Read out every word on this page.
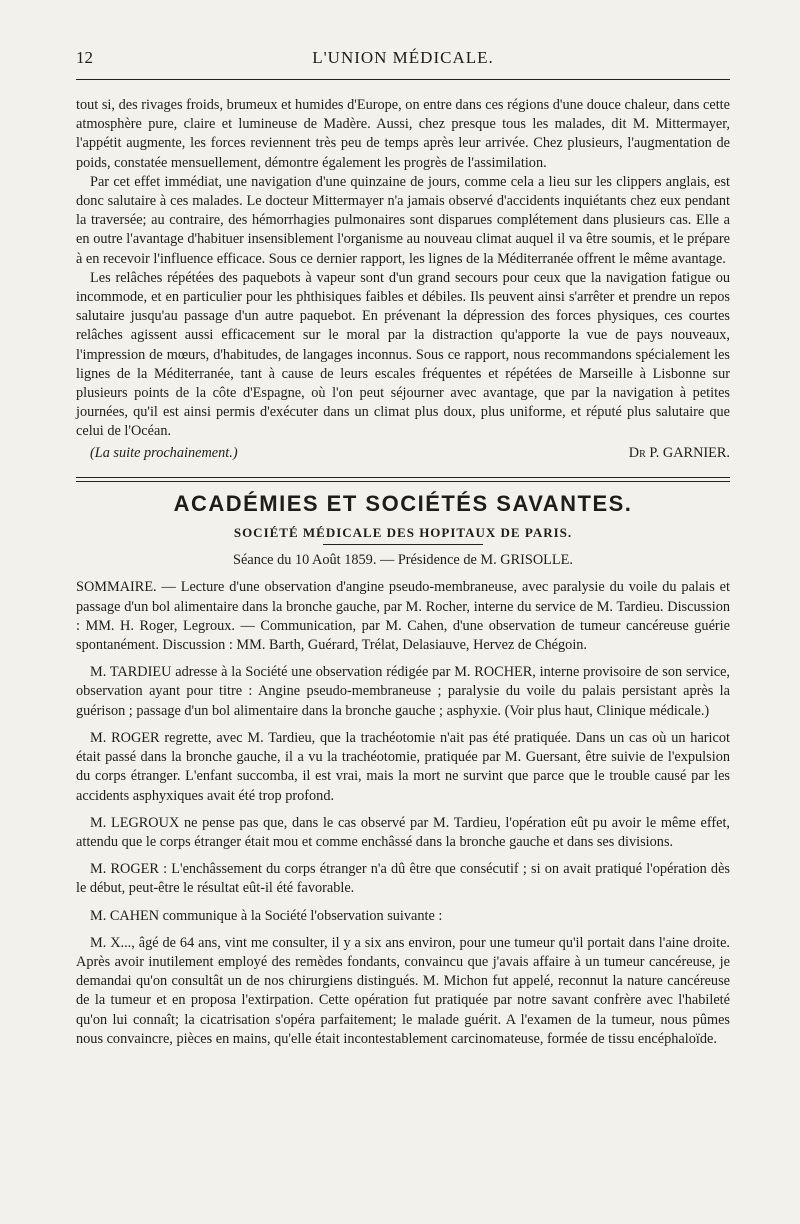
12	L'UNION MÉDICALE.

tout si, des rivages froids, brumeux et humides d'Europe, on entre dans ces régions d'une douce chaleur, dans cette atmosphère pure, claire et lumineuse de Madère. Aussi, chez presque tous les malades, dit M. Mittermayer, l'appétit augmente, les forces reviennent très peu de temps après leur arrivée. Chez plusieurs, l'augmentation de poids, constatée mensuellement, démontre également les progrès de l'assimilation.

Par cet effet immédiat, une navigation d'une quinzaine de jours, comme cela a lieu sur les clippers anglais, est donc salutaire à ces malades. Le docteur Mittermayer n'a jamais observé d'accidents inquiétants chez eux pendant la traversée; au contraire, des hémorrhagies pulmonaires sont disparues complétement dans plusieurs cas. Elle a en outre l'avantage d'habituer insensiblement l'organisme au nouveau climat auquel il va être soumis, et le prépare à en recevoir l'influence efficace. Sous ce dernier rapport, les lignes de la Méditerranée offrent le même avantage.

Les relâches répétées des paquebots à vapeur sont d'un grand secours pour ceux que la navigation fatigue ou incommode, et en particulier pour les phthisiques faibles et débiles. Ils peuvent ainsi s'arrêter et prendre un repos salutaire jusqu'au passage d'un autre paquebot. En prévenant la dépression des forces physiques, ces courtes relâches agissent aussi efficacement sur le moral par la distraction qu'apporte la vue de pays nouveaux, l'impression de mœurs, d'habitudes, de langages inconnus. Sous ce rapport, nous recommandons spécialement les lignes de la Méditerranée, tant à cause de leurs escales fréquentes et répétées de Marseille à Lisbonne sur plusieurs points de la côte d'Espagne, où l'on peut séjourner avec avantage, que par la navigation à petites journées, qu'il est ainsi permis d'exécuter dans un climat plus doux, plus uniforme, et réputé plus salutaire que celui de l'Océan.

(La suite prochainement.)	Dr P. GARNIER.
ACADÉMIES ET SOCIÉTÉS SAVANTES.
SOCIÉTÉ MÉDICALE DES HOPITAUX DE PARIS.
Séance du 10 Août 1859. — Présidence de M. GRISOLLE.

SOMMAIRE. — Lecture d'une observation d'angine pseudo-membraneuse, avec paralysie du voile du palais et passage d'un bol alimentaire dans la bronche gauche, par M. Rocher, interne du service de M. Tardieu. Discussion : MM. H. Roger, Legroux. — Communication, par M. Cahen, d'une observation de tumeur cancéreuse guérie spontanément. Discussion : MM. Barth, Guérard, Trélat, Delasiauve, Hervez de Chégoin.

M. TARDIEU adresse à la Société une observation rédigée par M. ROCHER, interne provisoire de son service, observation ayant pour titre : Angine pseudo-membraneuse ; paralysie du voile du palais persistant après la guérison ; passage d'un bol alimentaire dans la bronche gauche ; asphyxie. (Voir plus haut, Clinique médicale.)

M. ROGER regrette, avec M. Tardieu, que la trachéotomie n'ait pas été pratiquée. Dans un cas où un haricot était passé dans la bronche gauche, il a vu la trachéotomie, pratiquée par M. Guersant, être suivie de l'expulsion du corps étranger. L'enfant succomba, il est vrai, mais la mort ne survint que parce que le trouble causé par les accidents asphyxiques avait été trop profond.

M. LEGROUX ne pense pas que, dans le cas observé par M. Tardieu, l'opération eût pu avoir le même effet, attendu que le corps étranger était mou et comme enchâssé dans la bronche gauche et dans ses divisions.

M. ROGER : L'enchâssement du corps étranger n'a dû être que consécutif ; si on avait pratiqué l'opération dès le début, peut-être le résultat eût-il été favorable.

M. CAHEN communique à la Société l'observation suivante :

M. X..., âgé de 64 ans, vint me consulter, il y a six ans environ, pour une tumeur qu'il portait dans l'aine droite. Après avoir inutilement employé des remèdes fondants, convaincu que j'avais affaire à un tumeur cancéreuse, je demandai qu'on consultât un de nos chirurgiens distingués. M. Michon fut appelé, reconnut la nature cancéreuse de la tumeur et en proposa l'extirpation. Cette opération fut pratiquée par notre savant confrère avec l'habileté qu'on lui connaît; la cicatrisation s'opéra parfaitement; le malade guérit. A l'examen de la tumeur, nous pûmes nous convaincre, pièces en mains, qu'elle était incontestablement carcinomateuse, formée de tissu encéphaloïde.
